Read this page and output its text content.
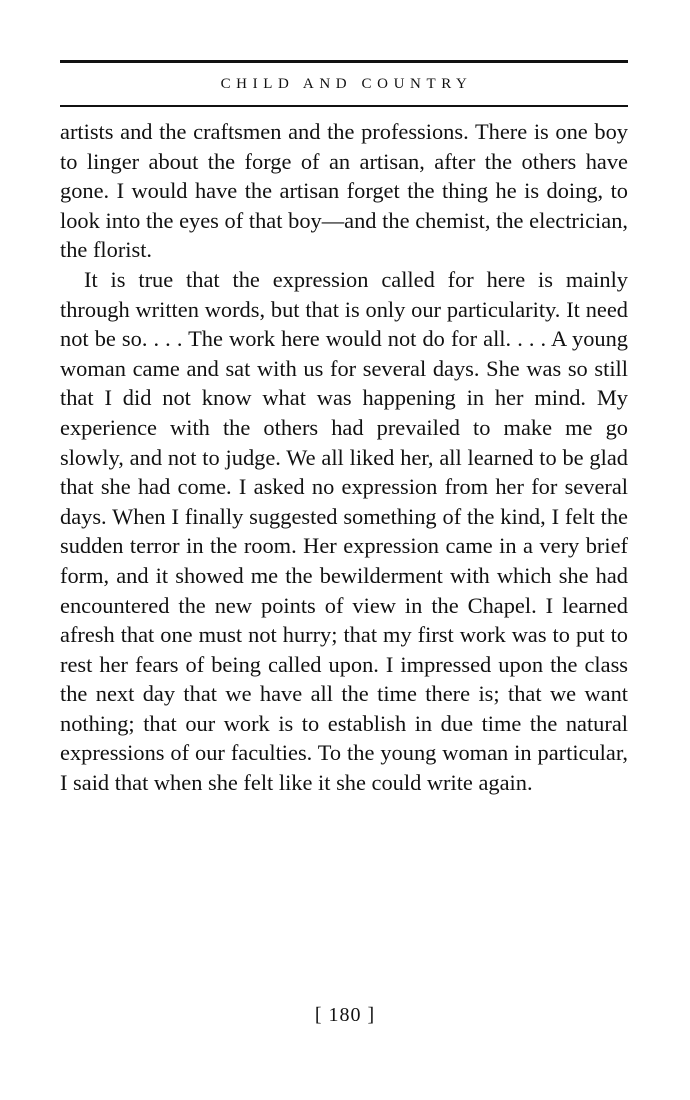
CHILD AND COUNTRY

artists and the craftsmen and the professions. There is one boy to linger about the forge of an artisan, after the others have gone. I would have the artisan forget the thing he is doing, to look into the eyes of that boy—and the chemist, the electrician, the florist.

It is true that the expression called for here is mainly through written words, but that is only our particularity. It need not be so. . . . The work here would not do for all. . . . A young woman came and sat with us for several days. She was so still that I did not know what was happening in her mind. My experience with the others had prevailed to make me go slowly, and not to judge. We all liked her, all learned to be glad that she had come. I asked no expression from her for several days. When I finally suggested something of the kind, I felt the sudden terror in the room. Her expression came in a very brief form, and it showed me the bewilderment with which she had encountered the new points of view in the Chapel. I learned afresh that one must not hurry; that my first work was to put to rest her fears of being called upon. I impressed upon the class the next day that we have all the time there is; that we want nothing; that our work is to establish in due time the natural expressions of our faculties. To the young woman in particular, I said that when she felt like it she could write again.

[ 180 ]
